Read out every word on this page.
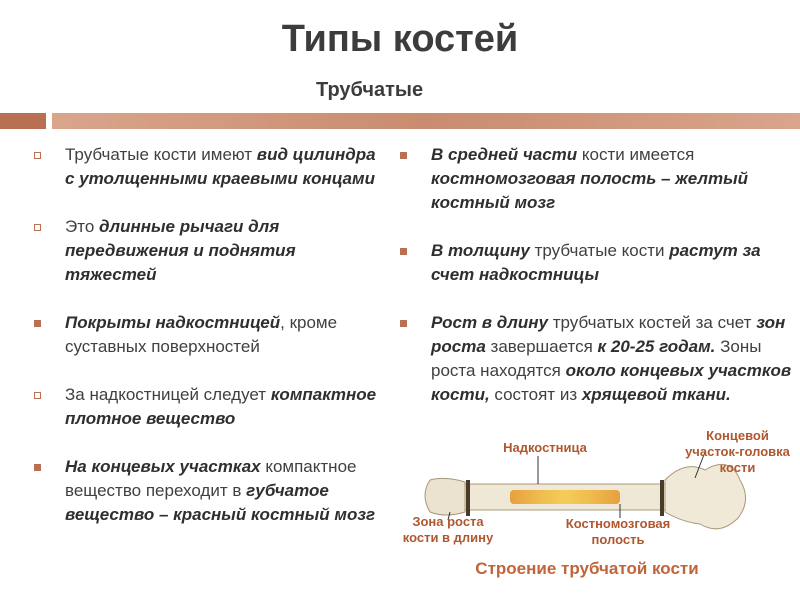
Типы костей
Трубчатые
Трубчатые кости имеют вид цилиндра с утолщенными краевыми концами
Это длинные рычаги для передвижения и поднятия тяжестей
Покрыты надкостницей, кроме суставных поверхностей
За надкостницей следует компактное плотное вещество
На концевых участках компактное вещество переходит в губчатое вещество – красный костный мозг
В средней части кости имеется костномозговая полость – желтый костный мозг
В толщину трубчатые кости растут за счет надкостницы
Рост в длину трубчатых костей за счет зон роста завершается к 20-25 годам. Зоны роста находятся около концевых участков кости, состоят из хрящевой ткани.
Надкостница
Концевой участок-головка кости
Зона роста кости в длину
Костномозговая полость
Строение трубчатой кости
